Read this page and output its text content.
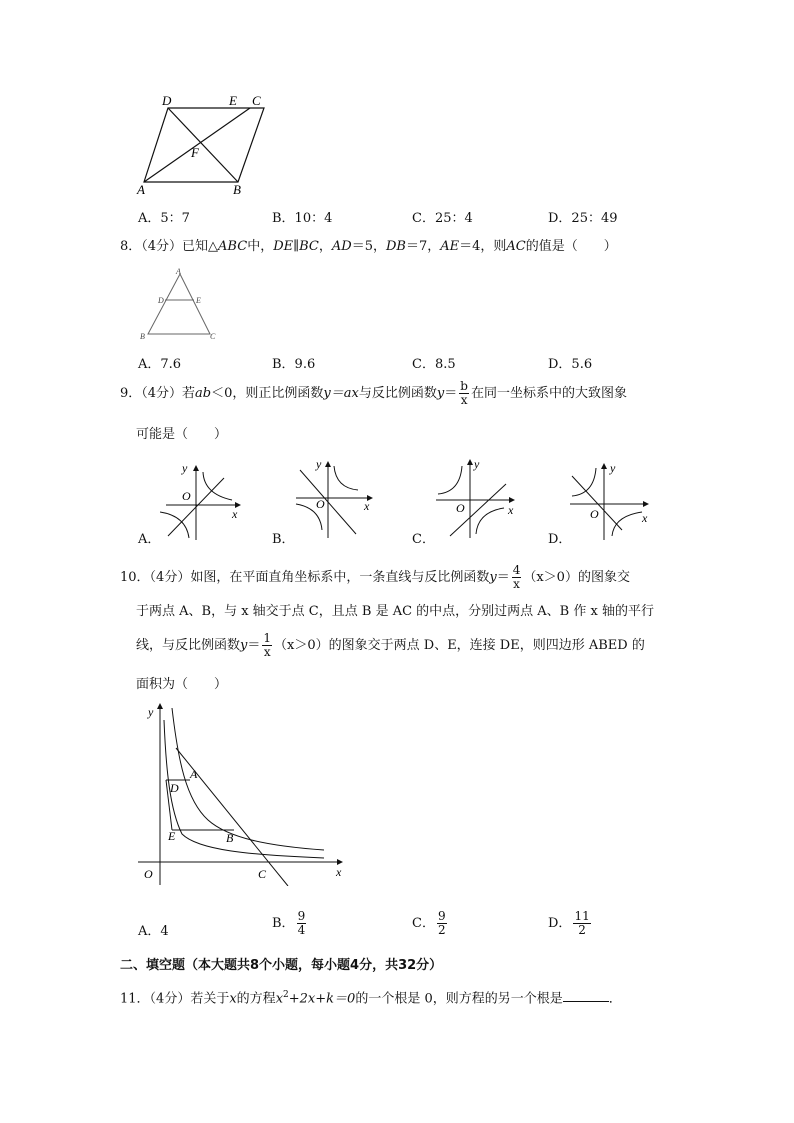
D	E C
F
A	B
A．5：7	B．10：4	C．25：4	D．25：49
8．（4分）已知△ABC中，DE∥BC，AD＝5，DB＝7，AE＝4，则AC的值是（　　）
A
D	E
B	C
A．7.6	B．9.6	C．8.5	D．5.6
9．（4分）若ab＜0，则正比例函数y＝ax与反比例函数$y= \frac{b}{x}$ 在同一坐标系中的大致图象
可能是（　　）
y
O
x
y
O	x
y
O	x
y
O	x
A．	B．	C．	D．
10．（4分）如图，在平面直角坐标系中，一条直线与反比例函数$y= \frac{4}{x} (x>0)$的图象交
于两点 A、B，与 x 轴交于点 C，且点 B 是 AC 的中点，分别过两点 A、B 作 x 轴的平行
线，与反比例函数$y= \frac{1}{x} (x>0)$的图象交于两点 D、E，连接 DE，则四边形 ABED 的
面积为（　　）
y
A
D
E	B
O	C	x
A．4
B． $\frac{9}{4}$	C． $\frac{9}{2}$	D． $\frac{11}{2}$
二、填空题（本大题共8个小题，每小题4分，共32分）
11．（4分）若关于x的方程$x^2+2x+k=0$的一个根是 0，则方程的另一个根是	．
